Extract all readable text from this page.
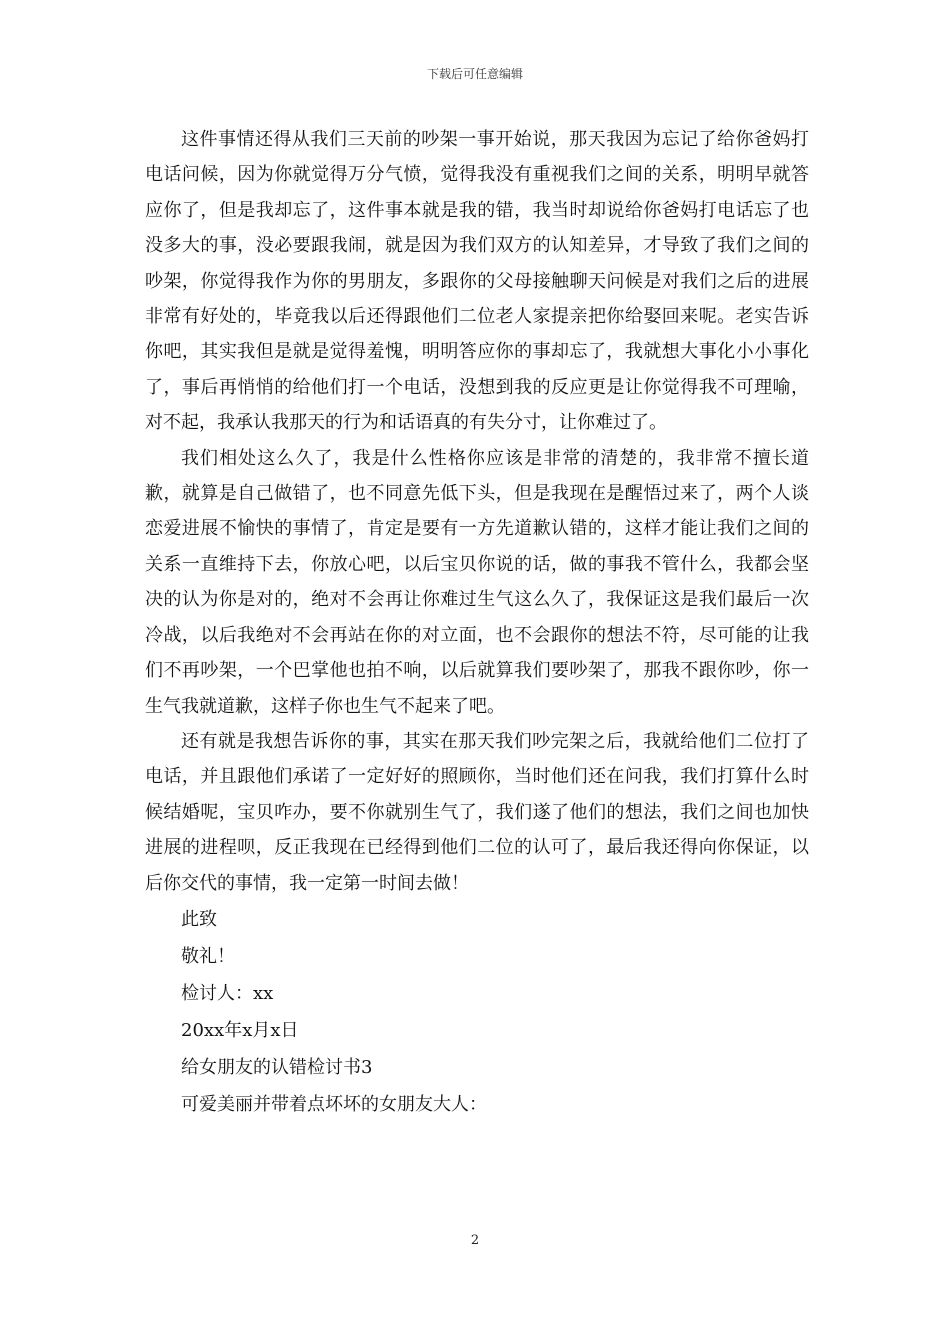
下载后可任意编辑

这件事情还得从我们三天前的吵架一事开始说，那天我因为忘记了给你爸妈打电话问候，因为你就觉得万分气愤，觉得我没有重视我们之间的关系，明明早就答应你了，但是我却忘了，这件事本就是我的错，我当时却说给你爸妈打电话忘了也没多大的事，没必要跟我闹，就是因为我们双方的认知差异，才导致了我们之间的吵架，你觉得我作为你的男朋友，多跟你的父母接触聊天问候是对我们之后的进展非常有好处的，毕竟我以后还得跟他们二位老人家提亲把你给娶回来呢。老实告诉你吧，其实我但是就是觉得羞愧，明明答应你的事却忘了，我就想大事化小小事化了，事后再悄悄的给他们打一个电话，没想到我的反应更是让你觉得我不可理喻，对不起，我承认我那天的行为和话语真的有失分寸，让你难过了。

我们相处这么久了，我是什么性格你应该是非常的清楚的，我非常不擅长道歉，就算是自己做错了，也不同意先低下头，但是我现在是醒悟过来了，两个人谈恋爱进展不愉快的事情了，肯定是要有一方先道歉认错的，这样才能让我们之间的关系一直维持下去，你放心吧，以后宝贝你说的话，做的事我不管什么，我都会坚决的认为你是对的，绝对不会再让你难过生气这么久了，我保证这是我们最后一次冷战，以后我绝对不会再站在你的对立面，也不会跟你的想法不符，尽可能的让我们不再吵架，一个巴掌他也拍不响，以后就算我们要吵架了，那我不跟你吵，你一生气我就道歉，这样子你也生气不起来了吧。

还有就是我想告诉你的事，其实在那天我们吵完架之后，我就给他们二位打了电话，并且跟他们承诺了一定好好的照顾你，当时他们还在问我，我们打算什么时候结婚呢，宝贝咋办，要不你就别生气了，我们遂了他们的想法，我们之间也加快进展的进程呗，反正我现在已经得到他们二位的认可了，最后我还得向你保证，以后你交代的事情，我一定第一时间去做！

此致

敬礼！

检讨人：xx

20xx年x月x日

给女朋友的认错检讨书3

可爱美丽并带着点坏坏的女朋友大人：

2
